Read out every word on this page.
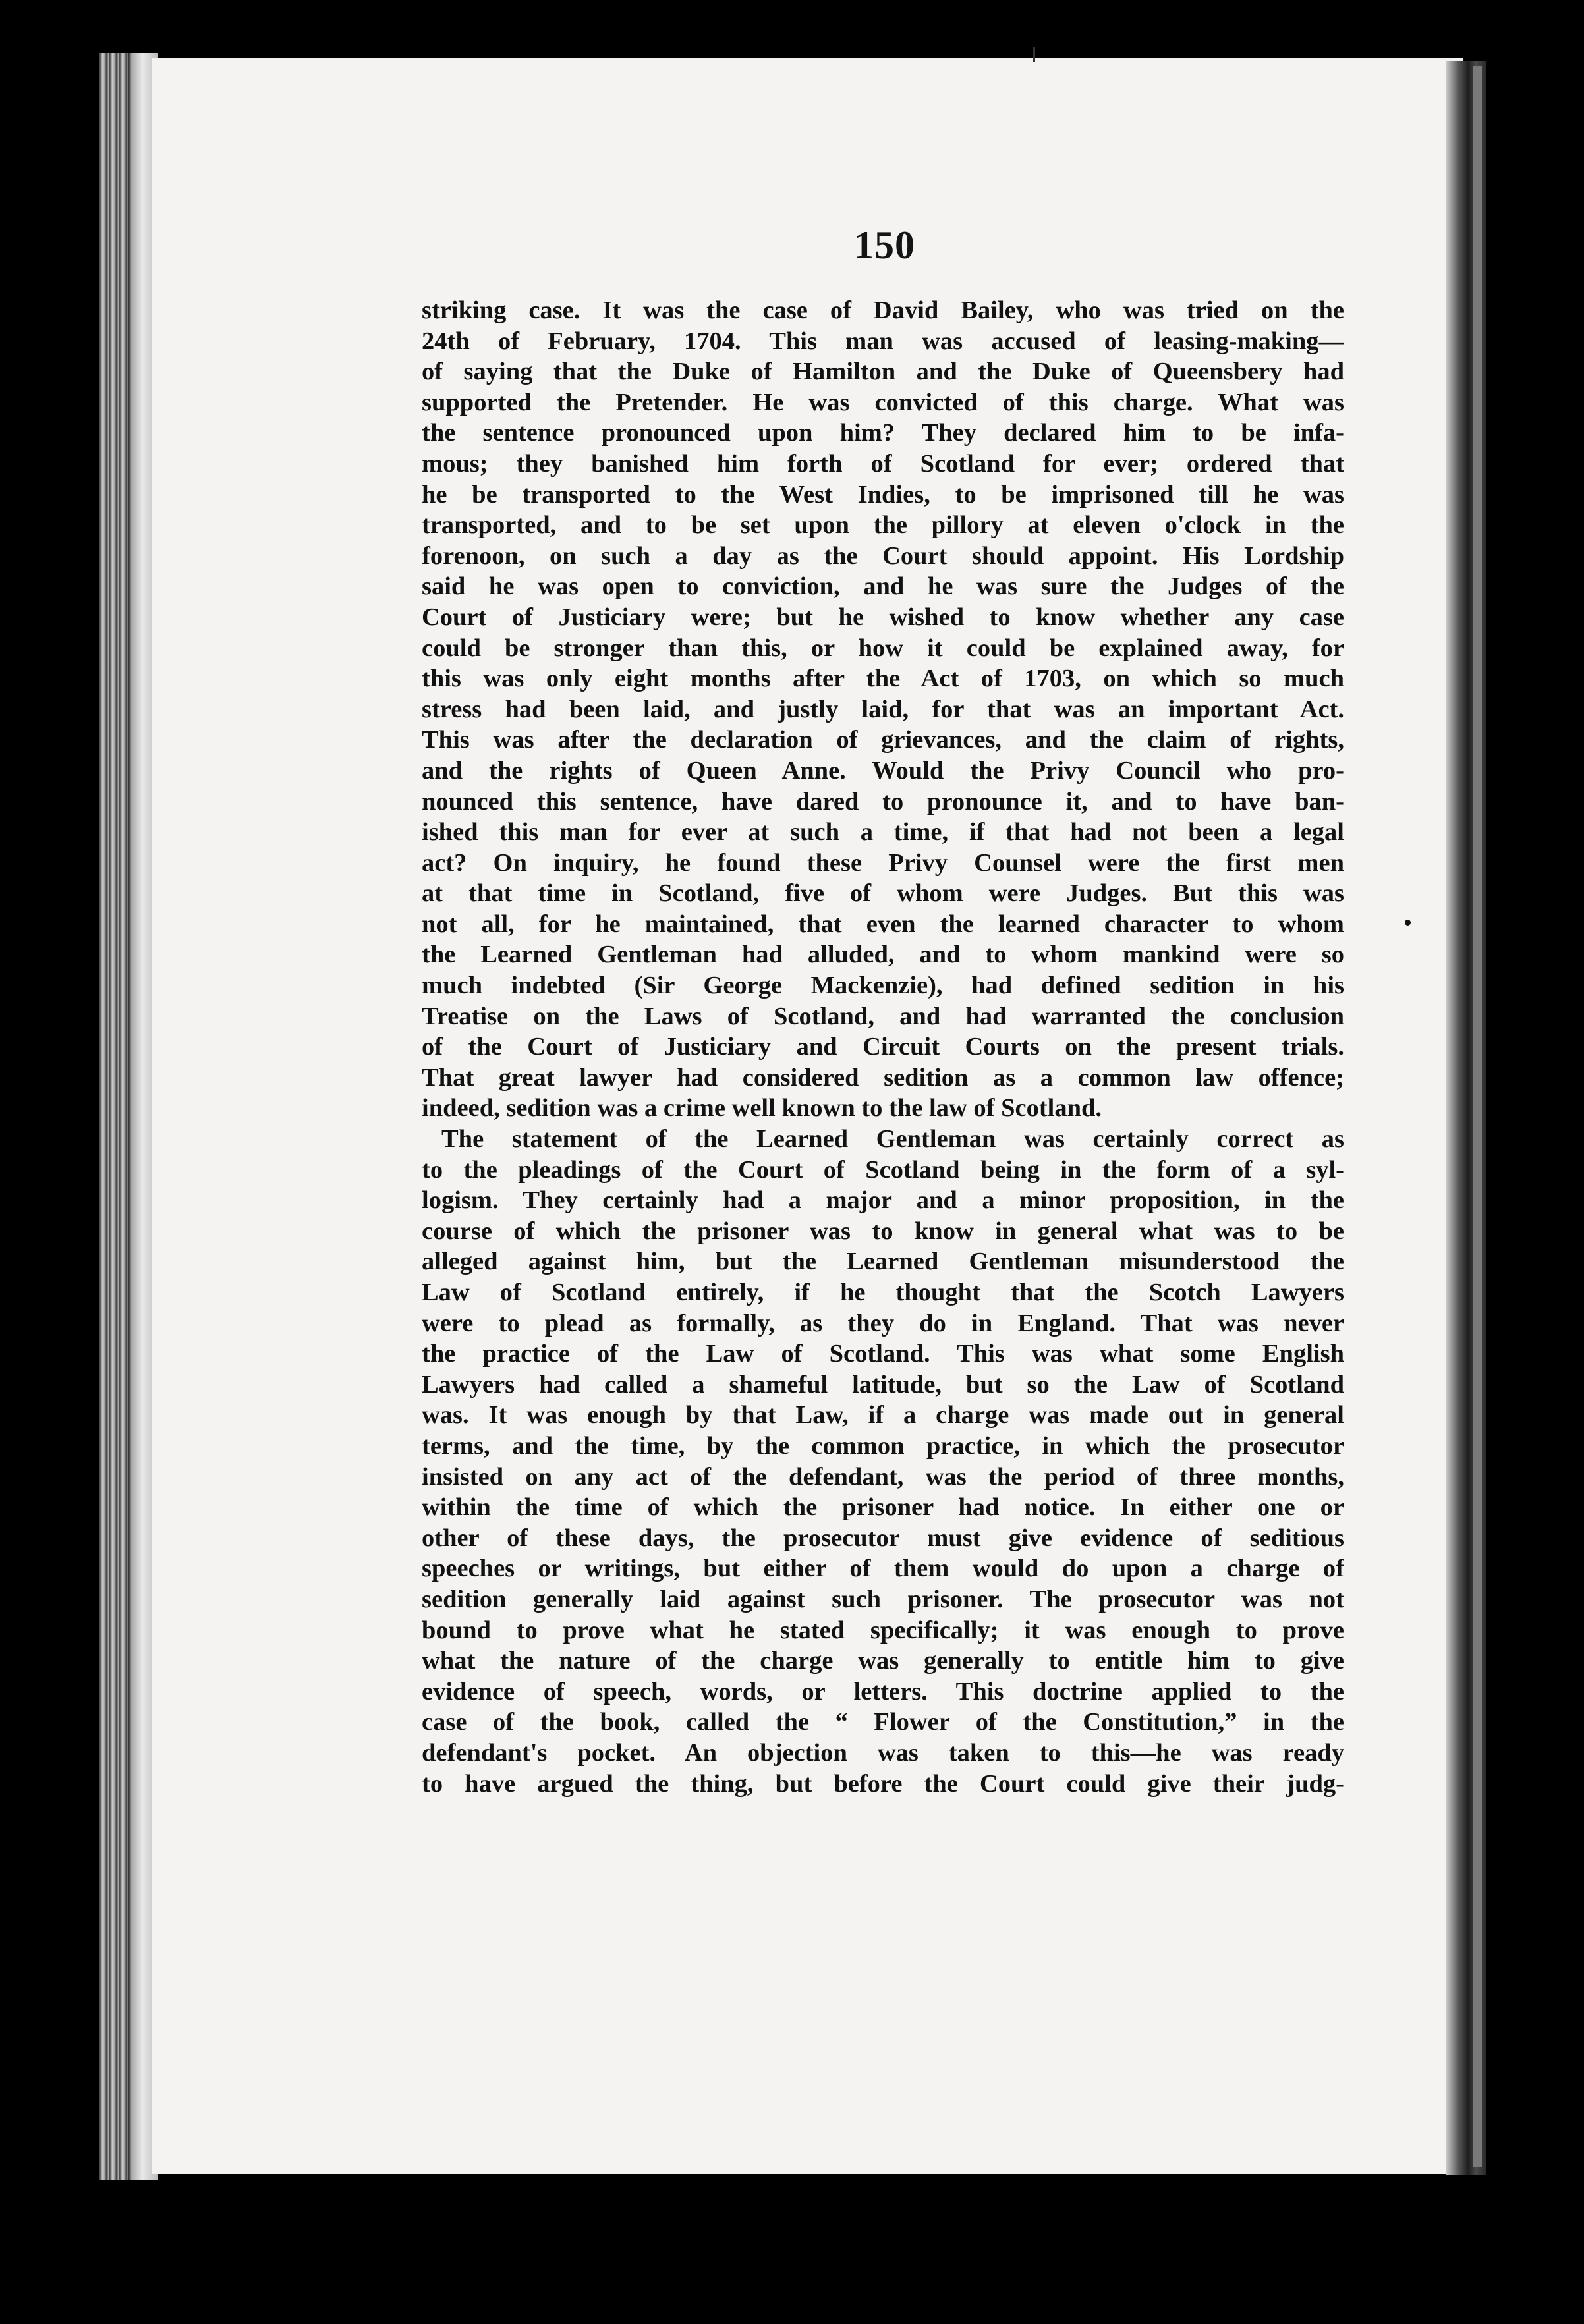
150
striking case. It was the case of David Bailey, who was tried on the
24th of February, 1704. This man was accused of leasing-making—
of saying that the Duke of Hamilton and the Duke of Queensbery had
supported the Pretender. He was convicted of this charge. What was
the sentence pronounced upon him? They declared him to be infa-
mous; they banished him forth of Scotland for ever; ordered that
he be transported to the West Indies, to be imprisoned till he was
transported, and to be set upon the pillory at eleven o'clock in the
forenoon, on such a day as the Court should appoint. His Lordship
said he was open to conviction, and he was sure the Judges of the
Court of Justiciary were; but he wished to know whether any case
could be stronger than this, or how it could be explained away, for
this was only eight months after the Act of 1703, on which so much
stress had been laid, and justly laid, for that was an important Act.
This was after the declaration of grievances, and the claim of rights,
and the rights of Queen Anne. Would the Privy Council who pro-
nounced this sentence, have dared to pronounce it, and to have ban-
ished this man for ever at such a time, if that had not been a legal
act? On inquiry, he found these Privy Counsel were the first men
at that time in Scotland, five of whom were Judges. But this was
not all, for he maintained, that even the learned character to whom
the Learned Gentleman had alluded, and to whom mankind were so
much indebted (Sir George Mackenzie), had defined sedition in his
Treatise on the Laws of Scotland, and had warranted the conclusion
of the Court of Justiciary and Circuit Courts on the present trials.
That great lawyer had considered sedition as a common law offence;
indeed, sedition was a crime well known to the law of Scotland.
The statement of the Learned Gentleman was certainly correct as
to the pleadings of the Court of Scotland being in the form of a syl-
logism. They certainly had a major and a minor proposition, in the
course of which the prisoner was to know in general what was to be
alleged against him, but the Learned Gentleman misunderstood the
Law of Scotland entirely, if he thought that the Scotch Lawyers
were to plead as formally, as they do in England. That was never
the practice of the Law of Scotland. This was what some English
Lawyers had called a shameful latitude, but so the Law of Scotland
was. It was enough by that Law, if a charge was made out in general
terms, and the time, by the common practice, in which the prosecutor
insisted on any act of the defendant, was the period of three months,
within the time of which the prisoner had notice. In either one or
other of these days, the prosecutor must give evidence of seditious
speeches or writings, but either of them would do upon a charge of
sedition generally laid against such prisoner. The prosecutor was not
bound to prove what he stated specifically; it was enough to prove
what the nature of the charge was generally to entitle him to give
evidence of speech, words, or letters. This doctrine applied to the
case of the book, called the “ Flower of the Constitution,” in the
defendant's pocket. An objection was taken to this—he was ready
to have argued the thing, but before the Court could give their judg-
